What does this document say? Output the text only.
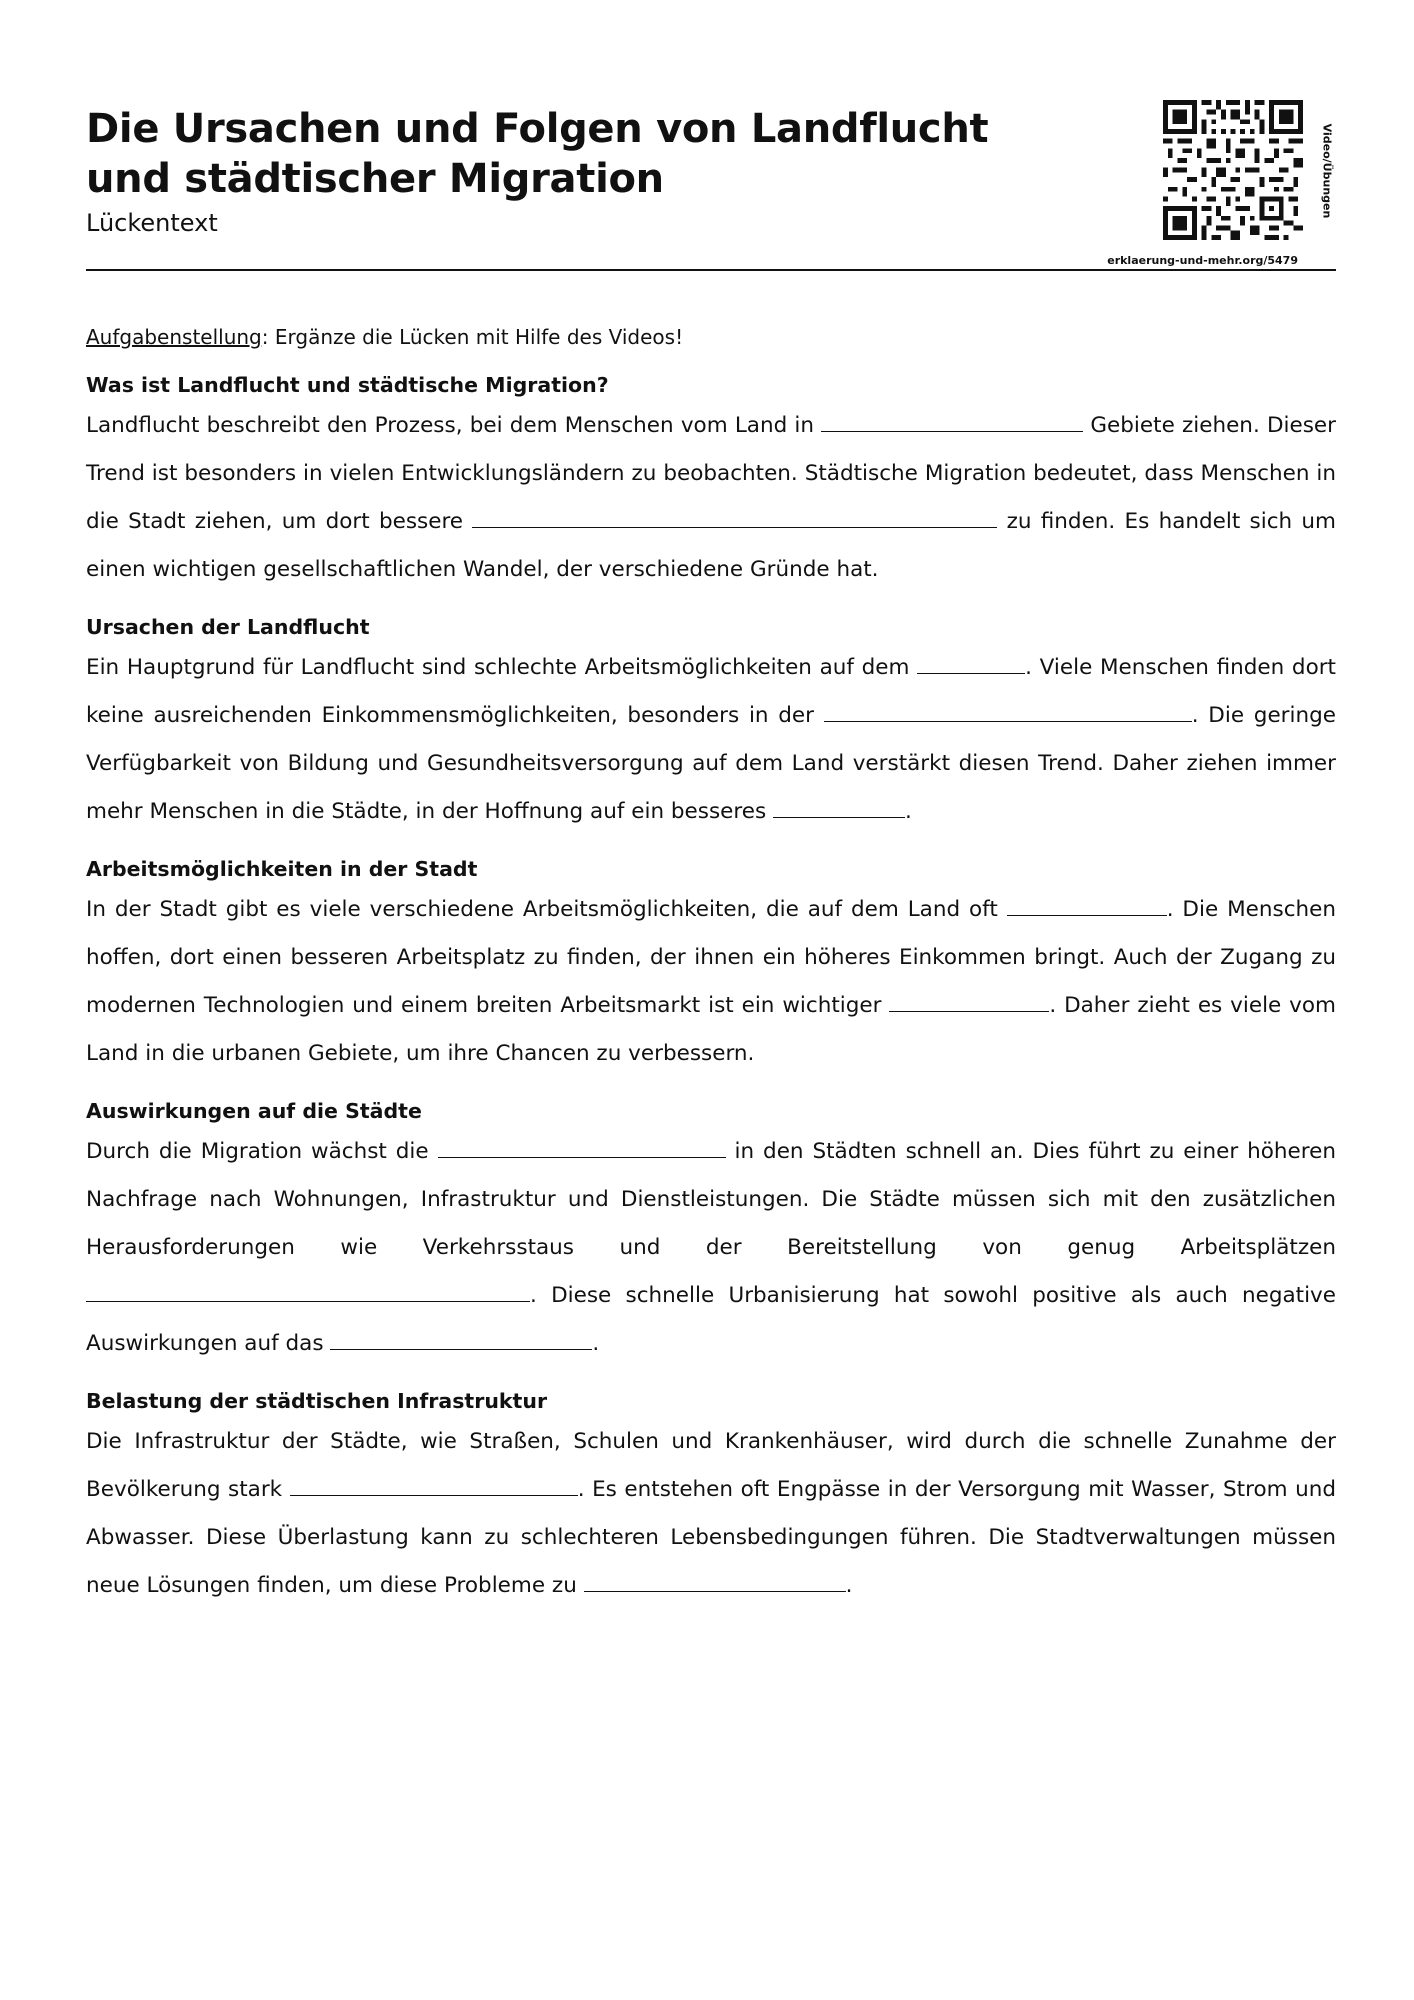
Die Ursachen und Folgen von Landflucht und städtischer Migration
Lückentext
Video/Übungen
erklaerung-und-mehr.org/5479

Aufgabenstellung: Ergänze die Lücken mit Hilfe des Videos!

Was ist Landflucht und städtische Migration?

Landflucht beschreibt den Prozess, bei dem Menschen vom Land in	Gebiete ziehen. Dieser Trend ist besonders in vielen Entwicklungsländern zu beobachten. Städtische Migration bedeutet, dass Menschen in die Stadt ziehen, um dort bessere	zu finden. Es handelt sich um einen wichtigen gesellschaftlichen Wandel, der verschiedene Gründe hat.

Ursachen der Landflucht

Ein Hauptgrund für Landflucht sind schlechte Arbeitsmöglichkeiten auf dem	. Viele Menschen finden dort keine ausreichenden Einkommensmöglichkeiten, besonders in der	. Die geringe Verfügbarkeit von Bildung und Gesundheitsversorgung auf dem Land verstärkt diesen Trend. Daher ziehen immer mehr Menschen in die Städte, in der Hoffnung auf ein besseres	.

Arbeitsmöglichkeiten in der Stadt

In der Stadt gibt es viele verschiedene Arbeitsmöglichkeiten, die auf dem Land oft	. Die Menschen hoffen, dort einen besseren Arbeitsplatz zu finden, der ihnen ein höheres Einkommen bringt. Auch der Zugang zu modernen Technologien und einem breiten Arbeitsmarkt ist ein wichtiger	. Daher zieht es viele vom Land in die urbanen Gebiete, um ihre Chancen zu verbessern.

Auswirkungen auf die Städte

Durch die Migration wächst die	in den Städten schnell an. Dies führt zu einer höheren Nachfrage nach Wohnungen, Infrastruktur und Dienstleistungen. Die Städte müssen sich mit den zusätzlichen Herausforderungen wie Verkehrsstaus und der Bereitstellung von genug Arbeitsplätzen . Diese schnelle Urbanisierung hat sowohl positive als auch negative Auswirkungen auf das	.

Belastung der städtischen Infrastruktur

Die Infrastruktur der Städte, wie Straßen, Schulen und Krankenhäuser, wird durch die schnelle Zunahme der Bevölkerung stark	. Es entstehen oft Engpässe in der Versorgung mit Wasser, Strom und Abwasser. Diese Überlastung kann zu schlechteren Lebensbedingungen führen. Die Stadtverwaltungen müssen neue Lösungen finden, um diese Probleme zu	.
